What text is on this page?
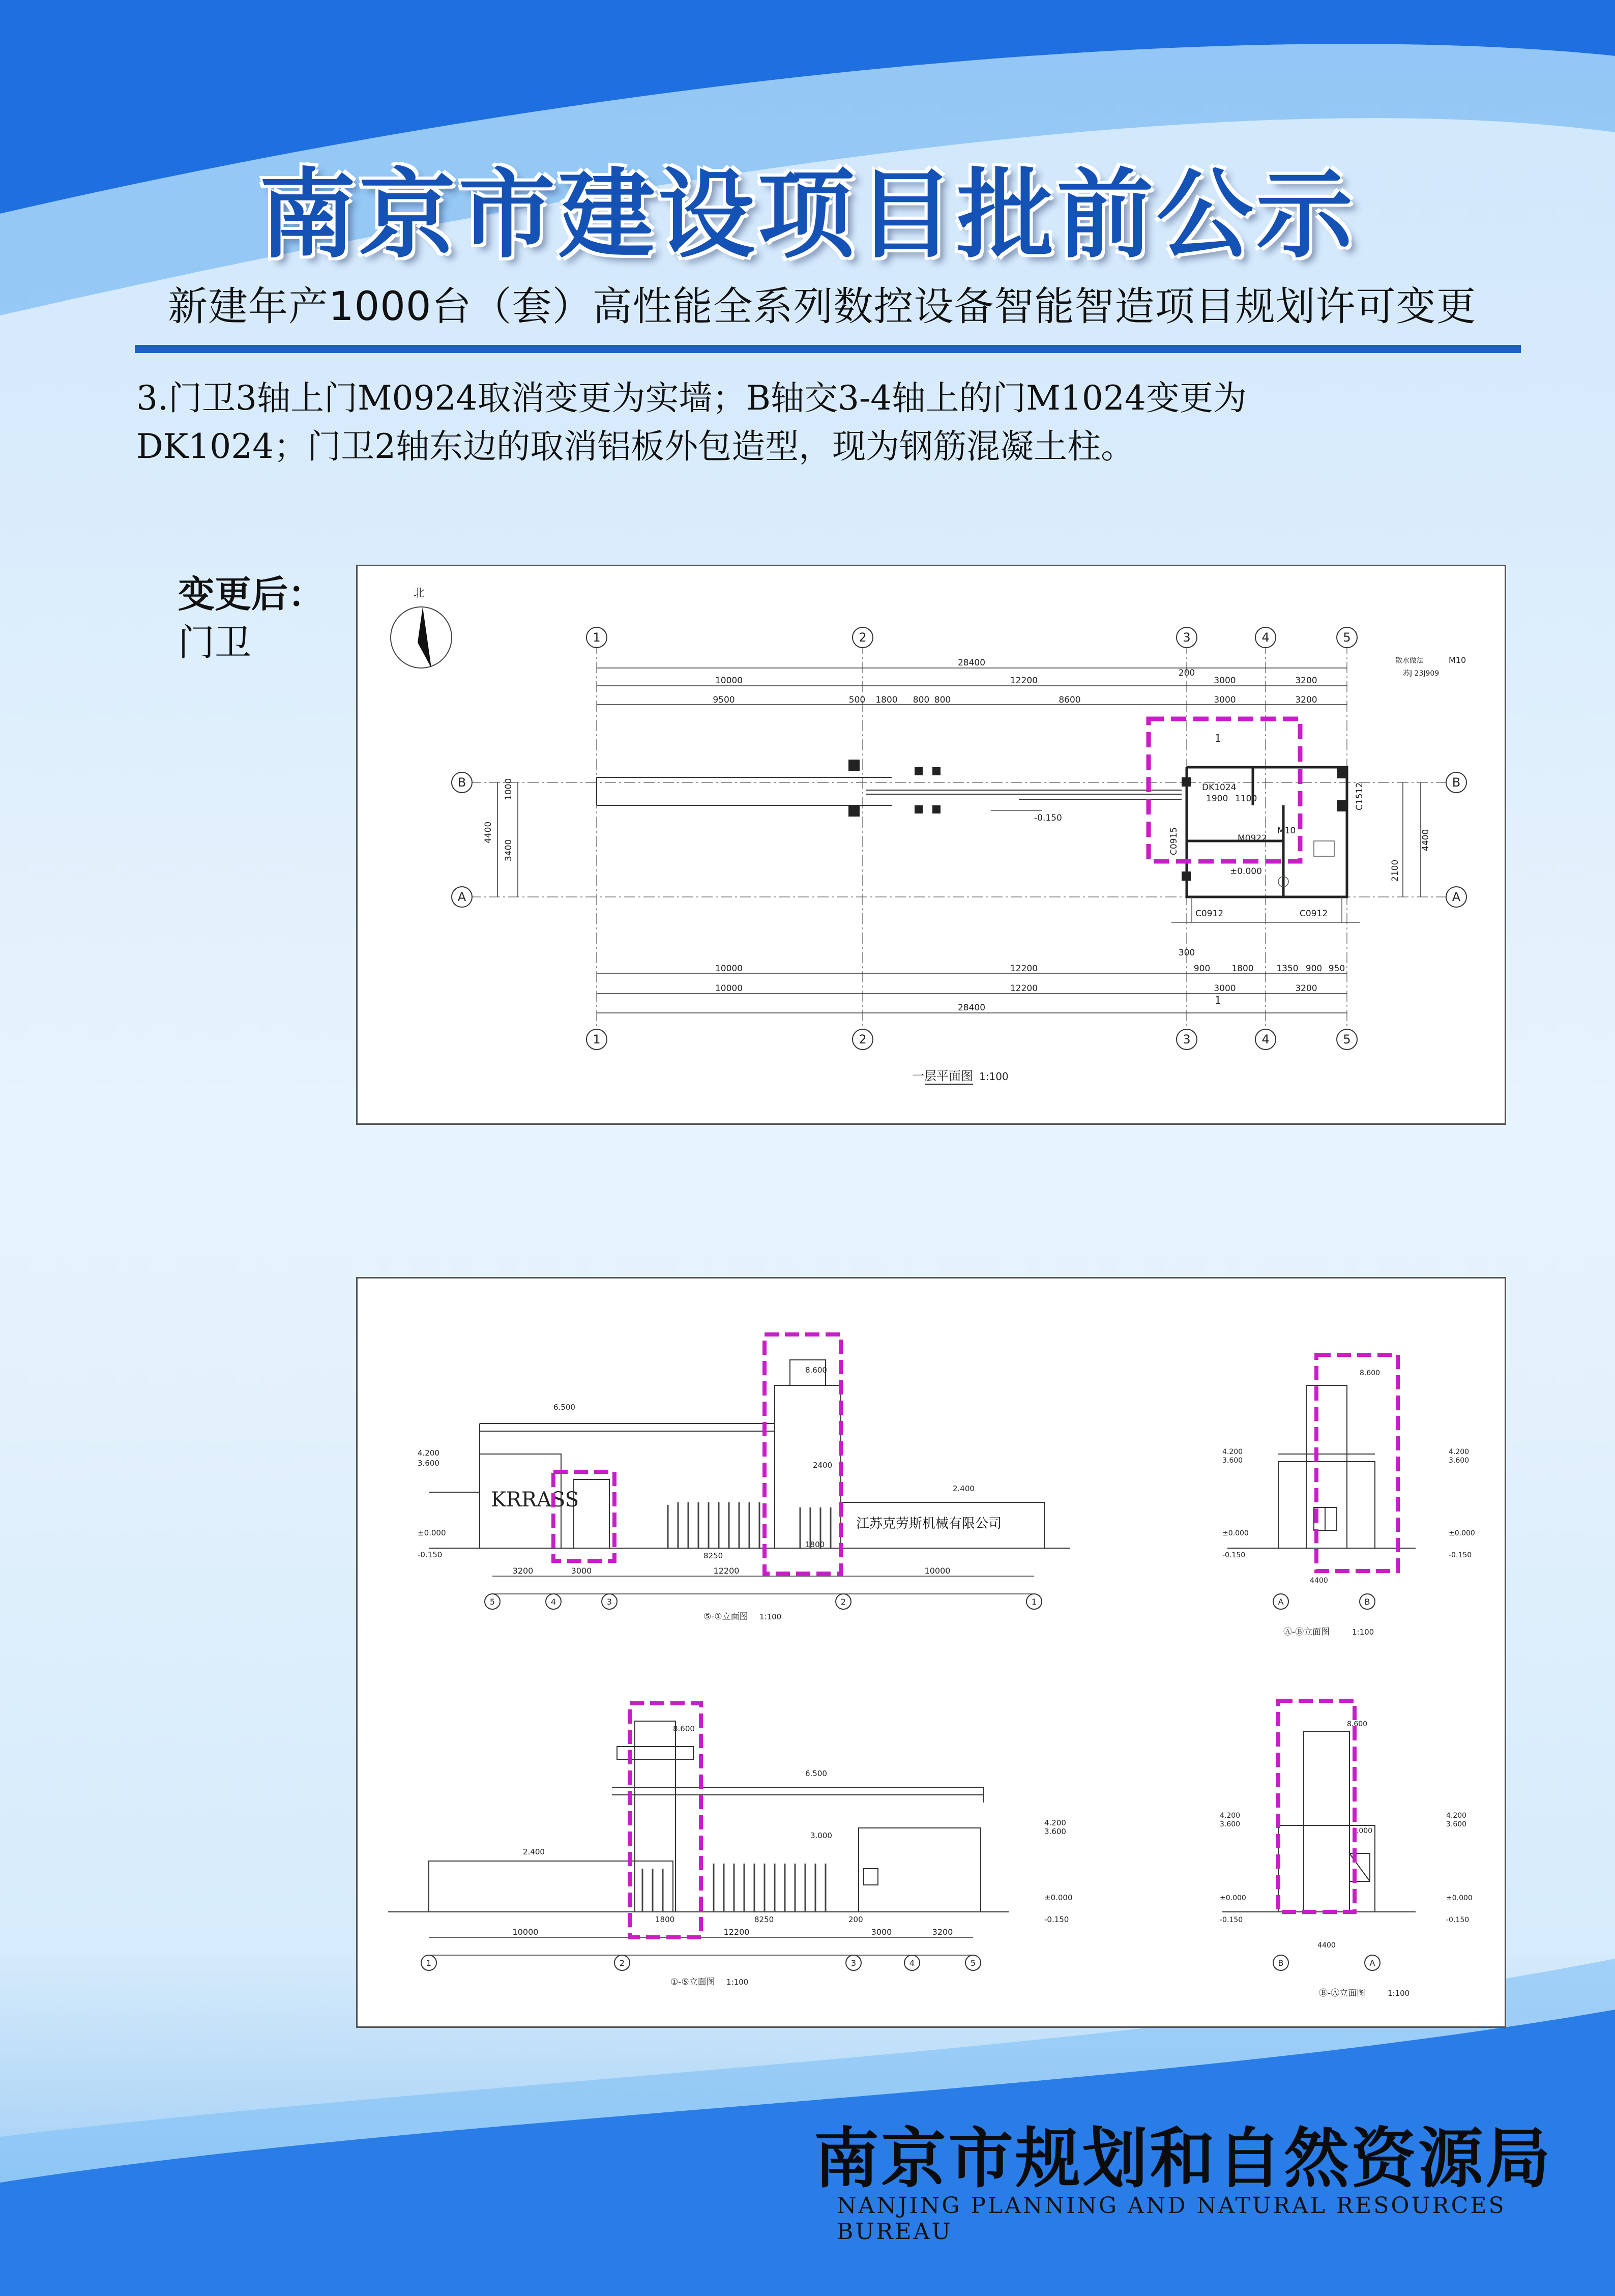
南京市建设项目批前公示
新建年产1000台（套）高性能全系列数控设备智能智造项目规划许可变更

3.门卫3轴上门M0924取消变更为实墙；B轴交3-4轴上的门M1024变更为

DK1024；门卫2轴东边的取消铝板外包造型，现为钢筋混凝土柱。

变更后：
门卫
北
1	2	3	4	5
1	2	3	4	5
B
A
B
A
28400
10000	12200
200
3000	3200
9500	500 1800 800 800	8600	3000	3200
10000	12200
300
900 1800	1350 900 950
10000	12200	3000	3200
28400
4400
1000
3400	4400
2100
DK1024
1900 1100
M0922
M10
C0912	C0912
C0915
C1512
-0.150
±0.000
1
1
散水做法
苏J 23J909
M10
一层平面图 1:100
6.500
8.600
2.400
4.200
3.600
±0.000
-0.150
1800
2400
8250
KRRASS
江苏克劳斯机械有限公司
5	4	3	2	1
3200	3000	12200	10000
⑤-①立面图 1:100
8.600
4.200
3.600
±0.000
-0.150
4.200
3.600
±0.000
-0.150
4400
A	B
Ⓐ-Ⓑ立面图	1:100
6.500
8.600
2.400
3.000
4.200
3.600
±0.000
-0.150
1800	8250	200
1	2	3	4	5
10000	12200	3000	3200
①-⑤立面图 1:100
8.600
4.200
3.600
±0.000
-0.150
4.200
3.600
±0.000
-0.150
4400
3.000
B	A
Ⓑ-Ⓐ立面图	1:100
南京市规划和自然资源局
NANJING PLANNING AND NATURAL RESOURCES BUREAU
